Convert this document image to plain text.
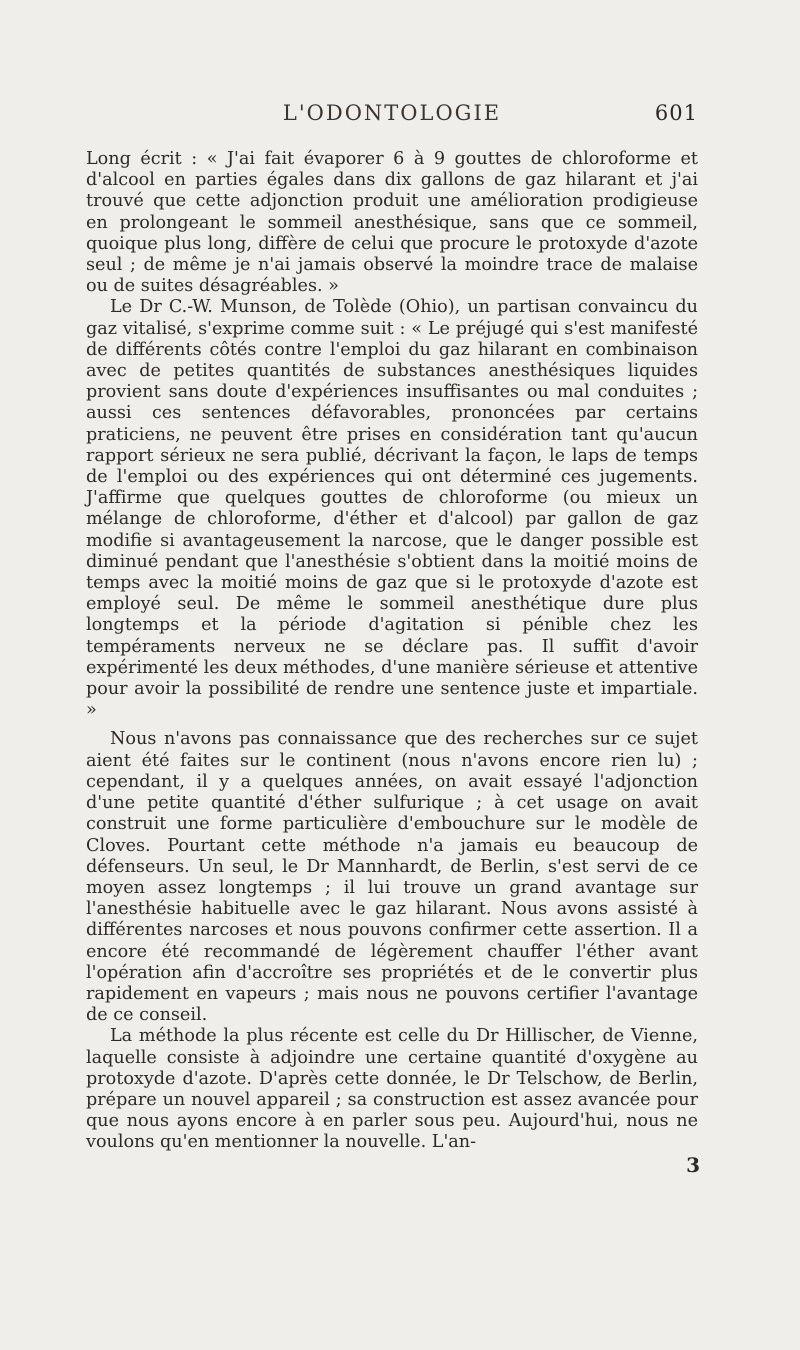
L'ODONTOLOGIE	601

Long écrit : « J'ai fait évaporer 6 à 9 gouttes de chloroforme et d'alcool en parties égales dans dix gallons de gaz hilarant et j'ai trouvé que cette adjonction produit une amélioration prodigieuse en prolongeant le sommeil anesthésique, sans que ce sommeil, quoique plus long, diffère de celui que procure le protoxyde d'azote seul ; de même je n'ai jamais observé la moindre trace de malaise ou de suites désagréables. »

Le Dr C.-W. Munson, de Tolède (Ohio), un partisan convaincu du gaz vitalisé, s'exprime comme suit : « Le préjugé qui s'est manifesté de différents côtés contre l'emploi du gaz hilarant en combinaison avec de petites quantités de substances anesthésiques liquides provient sans doute d'expériences insuffisantes ou mal conduites ; aussi ces sentences défavorables, prononcées par certains praticiens, ne peuvent être prises en considération tant qu'aucun rapport sérieux ne sera publié, décrivant la façon, le laps de temps de l'emploi ou des expériences qui ont déterminé ces jugements. J'affirme que quelques gouttes de chloroforme (ou mieux un mélange de chloroforme, d'éther et d'alcool) par gallon de gaz modifie si avantageusement la narcose, que le danger possible est diminué pendant que l'anesthésie s'obtient dans la moitié moins de temps avec la moitié moins de gaz que si le protoxyde d'azote est employé seul. De même le sommeil anesthétique dure plus longtemps et la période d'agitation si pénible chez les tempéraments nerveux ne se déclare pas. Il suffit d'avoir expérimenté les deux méthodes, d'une manière sérieuse et attentive pour avoir la possibilité de rendre une sentence juste et impartiale. »

Nous n'avons pas connaissance que des recherches sur ce sujet aient été faites sur le continent (nous n'avons encore rien lu) ; cependant, il y a quelques années, on avait essayé l'adjonction d'une petite quantité d'éther sulfurique ; à cet usage on avait construit une forme particulière d'embouchure sur le modèle de Cloves. Pourtant cette méthode n'a jamais eu beaucoup de défenseurs. Un seul, le Dr Mannhardt, de Berlin, s'est servi de ce moyen assez longtemps ; il lui trouve un grand avantage sur l'anesthésie habituelle avec le gaz hilarant. Nous avons assisté à différentes narcoses et nous pouvons confirmer cette assertion. Il a encore été recommandé de légèrement chauffer l'éther avant l'opération afin d'accroître ses propriétés et de le convertir plus rapidement en vapeurs ; mais nous ne pouvons certifier l'avantage de ce conseil.

La méthode la plus récente est celle du Dr Hillischer, de Vienne, laquelle consiste à adjoindre une certaine quantité d'oxygène au protoxyde d'azote. D'après cette donnée, le Dr Telschow, de Berlin, prépare un nouvel appareil ; sa construction est assez avancée pour que nous ayons encore à en parler sous peu. Aujourd'hui, nous ne voulons qu'en mentionner la nouvelle. L'an-

3
